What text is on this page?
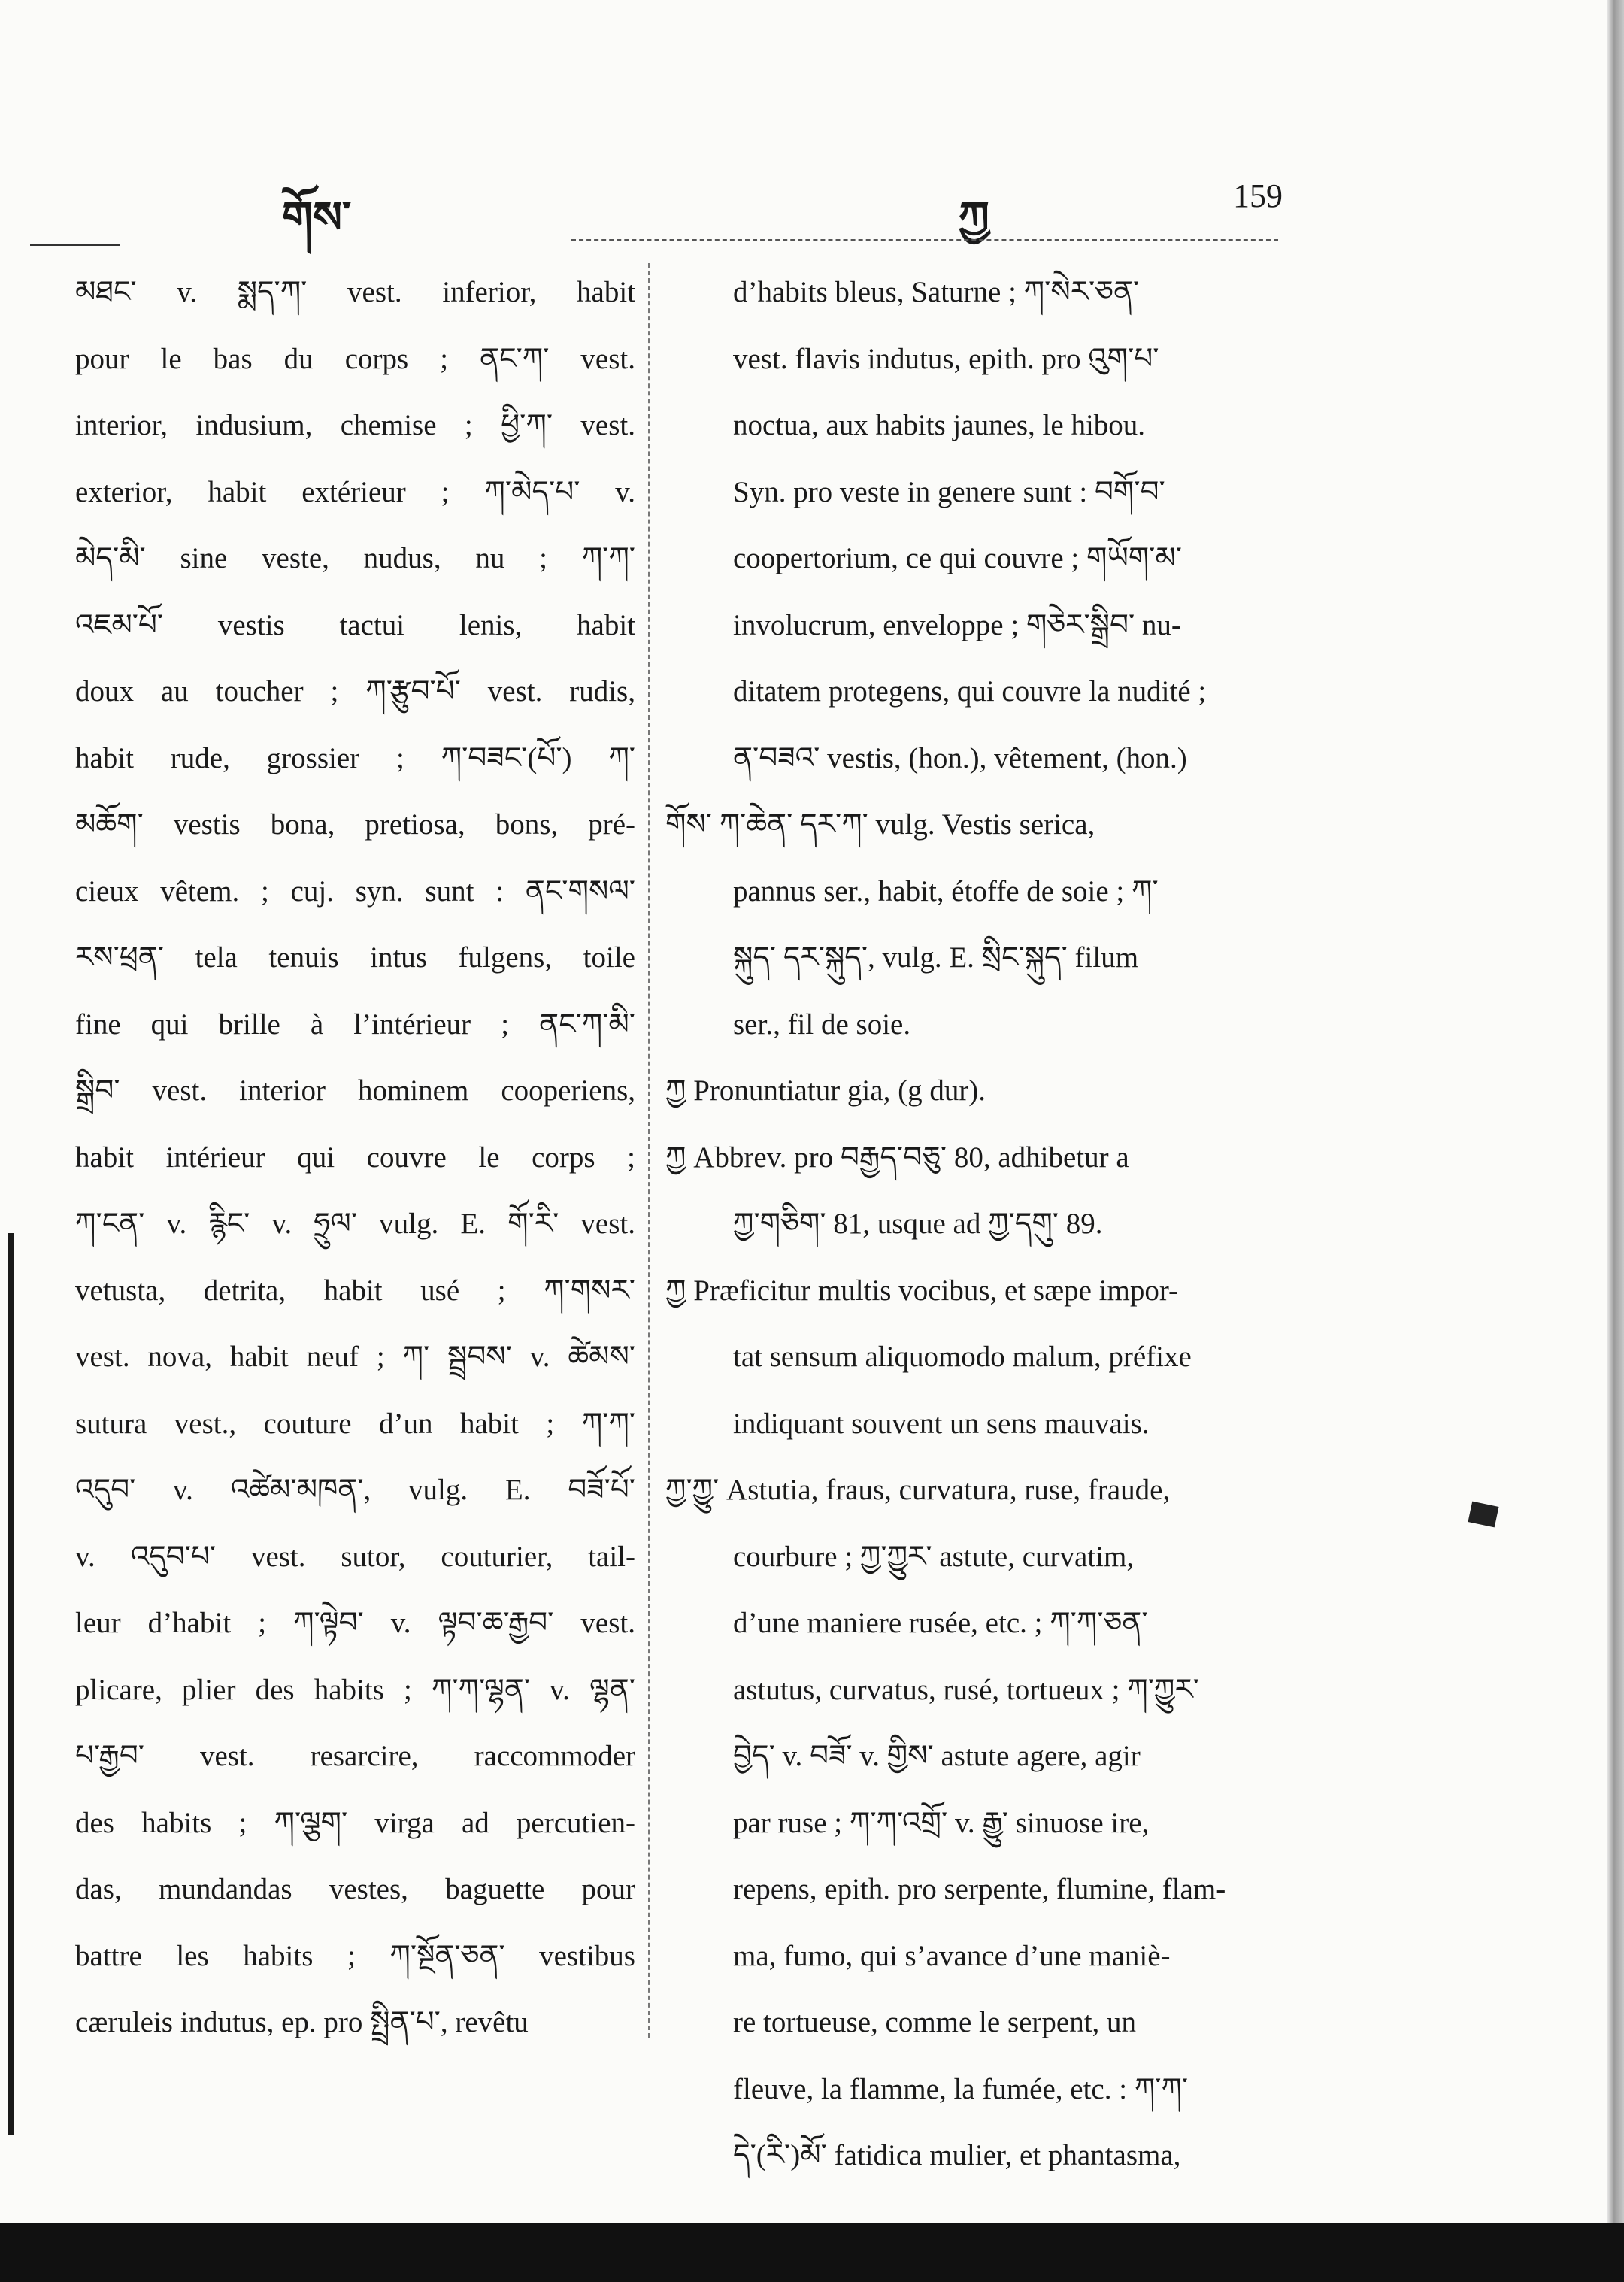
གོས་	ཀྱ	159
མཐང་ v. སྨད་ཀ་ vest. inferior, habit
pour le bas du corps ; ནང་ཀ་ vest.
interior, indusium, chemise ; ཕྱི་ཀ་ vest.
exterior, habit extérieur ; ཀ་མེད་པ་ v.
མེད་མི་ sine veste, nudus, nu ; ཀ་ཀ་
འཇམ་པོ་ vestis tactui lenis, habit
doux au toucher ; ཀ་རྩུབ་པོ་ vest. rudis,
habit rude, grossier ; ཀ་བཟང་(པོ་) ཀ་
མཆོག་ vestis bona, pretiosa, bons, pré-
cieux vêtem. ; cuj. syn. sunt : ནང་གསལ་
རས་ཕྲན་ tela tenuis intus fulgens, toile
fine qui brille à l’intérieur ; ནང་ཀ་མི་
སྒྲིབ་ vest. interior hominem cooperiens,
habit intérieur qui couvre le corps ;
ཀ་ངན་ v. རྙིང་ v. ཧྲུལ་ vulg. E. གོ་རི་ vest.
vetusta, detrita, habit usé ; ཀ་གསར་
vest. nova, habit neuf ; ཀ་ སྦྲབས་ v. ཚེམས་
sutura vest., couture d’un habit ; ཀ་ཀ་
འདུབ་ v. འཚེམ་མཁན་, vulg. E. བཟོ་པོ་
v. འདུབ་པ་ vest. sutor, couturier, tail-
leur d’habit ; ཀ་ལྟེབ་ v. ལྟབ་ཆ་རྒྱབ་ vest.
plicare, plier des habits ; ཀ་ཀ་ལྷན་ v. ལྷན་
པ་རྒྱབ་ vest. resarcire, raccommoder
des habits ; ཀ་ལྕག་ virga ad percutien-
das, mundandas vestes, baguette pour
battre les habits ; ཀ་སྔོན་ཅན་ vestibus
cæruleis indutus, ep. pro སྤྲིན་པ་, revêtu
d’habits bleus, Saturne ; ཀ་སེར་ཅན་
vest. flavis indutus, epith. pro འུག་པ་
noctua, aux habits jaunes, le hibou.
Syn. pro veste in genere sunt : བགོ་བ་
coopertorium, ce qui couvre ; གཡོག་མ་
involucrum, enveloppe ; གཅེར་སྒྲིབ་ nu-
ditatem protegens, qui couvre la nudité ;
ན་བཟའ་ vestis, (hon.), vêtement, (hon.)
གོས་ ཀ་ཆེན་ དར་ཀ་ vulg. Vestis serica,
pannus ser., habit, étoffe de soie ; ཀ་
སྐུད་ དར་སྐུད་, vulg. E. སྲིང་སྐུད་ filum
ser., fil de soie.
ཀྱ Pronuntiatur gia, (g dur).
ཀྱ Abbrev. pro བརྒྱད་བཅུ་ 80, adhibetur a
ཀྱ་གཅིག་ 81, usque ad ཀྱ་དགུ་ 89.
ཀྱ Præficitur multis vocibus, et sæpe impor-
tat sensum aliquomodo malum, préfixe
indiquant souvent un sens mauvais.
ཀྱ་ཀྱུ་ Astutia, fraus, curvatura, ruse, fraude,
courbure ; ཀྱ་ཀྱུར་ astute, curvatim,
d’une maniere rusée, etc. ; ཀ་ཀ་ཅན་
astutus, curvatus, rusé, tortueux ; ཀ་ཀྱུར་
བྱེད་ v. བཟོ་ v. གྱིས་ astute agere, agir
par ruse ; ཀ་ཀ་འགྲོ་ v. རྒྱུ་ sinuose ire,
repens, epith. pro serpente, flumine, flam-
ma, fumo, qui s’avance d’une maniè-
re tortueuse, comme le serpent, un
fleuve, la flamme, la fumée, etc. : ཀ་ཀ་
དེ་(རི་)མོ་ fatidica mulier, et phantasma,
